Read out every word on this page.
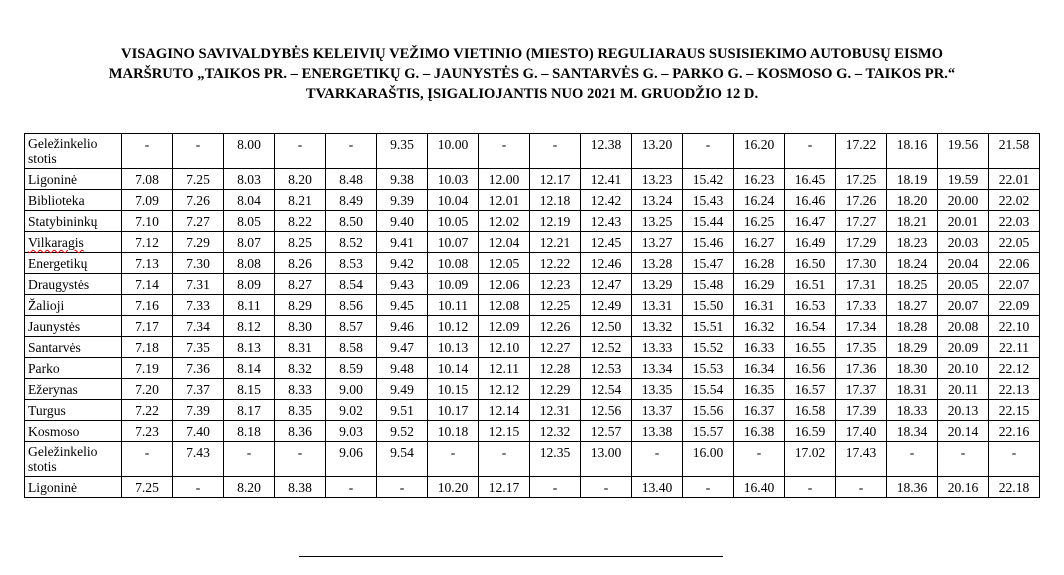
VISAGINO SAVIVALDYBĖS KELEIVIŲ VEŽIMO VIETINIO (MIESTO) REGULIARAUS SUSISIEKIMO AUTOBUSŲ EISMO
MARŠRUTO „TAIKOS PR. – ENERGETIKŲ G. – JAUNYSTĖS G. – SANTARVĖS G. – PARKO G. – KOSMOSO G. – TAIKOS PR.“
TVARKARAŠTIS, ĮSIGALIOJANTIS NUO 2021 M. GRUODŽIO 12 D.
Geležinkelio stotis	-	-	8.00	-	-	9.35	10.00	-	-	12.38	13.20	-	16.20	-	17.22	18.16	19.56	21.58
Ligoninė	7.08	7.25	8.03	8.20	8.48	9.38	10.03	12.00	12.17	12.41	13.23	15.42	16.23	16.45	17.25	18.19	19.59	22.01
Biblioteka	7.09	7.26	8.04	8.21	8.49	9.39	10.04	12.01	12.18	12.42	13.24	15.43	16.24	16.46	17.26	18.20	20.00	22.02
Statybininkų	7.10	7.27	8.05	8.22	8.50	9.40	10.05	12.02	12.19	12.43	13.25	15.44	16.25	16.47	17.27	18.21	20.01	22.03
Vilkaragis	7.12	7.29	8.07	8.25	8.52	9.41	10.07	12.04	12.21	12.45	13.27	15.46	16.27	16.49	17.29	18.23	20.03	22.05
Energetikų	7.13	7.30	8.08	8.26	8.53	9.42	10.08	12.05	12.22	12.46	13.28	15.47	16.28	16.50	17.30	18.24	20.04	22.06
Draugystės	7.14	7.31	8.09	8.27	8.54	9.43	10.09	12.06	12.23	12.47	13.29	15.48	16.29	16.51	17.31	18.25	20.05	22.07
Žalioji	7.16	7.33	8.11	8.29	8.56	9.45	10.11	12.08	12.25	12.49	13.31	15.50	16.31	16.53	17.33	18.27	20.07	22.09
Jaunystės	7.17	7.34	8.12	8.30	8.57	9.46	10.12	12.09	12.26	12.50	13.32	15.51	16.32	16.54	17.34	18.28	20.08	22.10
Santarvės	7.18	7.35	8.13	8.31	8.58	9.47	10.13	12.10	12.27	12.52	13.33	15.52	16.33	16.55	17.35	18.29	20.09	22.11
Parko	7.19	7.36	8.14	8.32	8.59	9.48	10.14	12.11	12.28	12.53	13.34	15.53	16.34	16.56	17.36	18.30	20.10	22.12
Ežerynas	7.20	7.37	8.15	8.33	9.00	9.49	10.15	12.12	12.29	12.54	13.35	15.54	16.35	16.57	17.37	18.31	20.11	22.13
Turgus	7.22	7.39	8.17	8.35	9.02	9.51	10.17	12.14	12.31	12.56	13.37	15.56	16.37	16.58	17.39	18.33	20.13	22.15
Kosmoso	7.23	7.40	8.18	8.36	9.03	9.52	10.18	12.15	12.32	12.57	13.38	15.57	16.38	16.59	17.40	18.34	20.14	22.16
Geležinkelio stotis	-	7.43	-	-	9.06	9.54	-	-	12.35	13.00	-	16.00	-	17.02	17.43	-	-	-
Ligoninė	7.25	-	8.20	8.38	-	-	10.20	12.17	-	-	13.40	-	16.40	-	-	18.36	20.16	22.18
